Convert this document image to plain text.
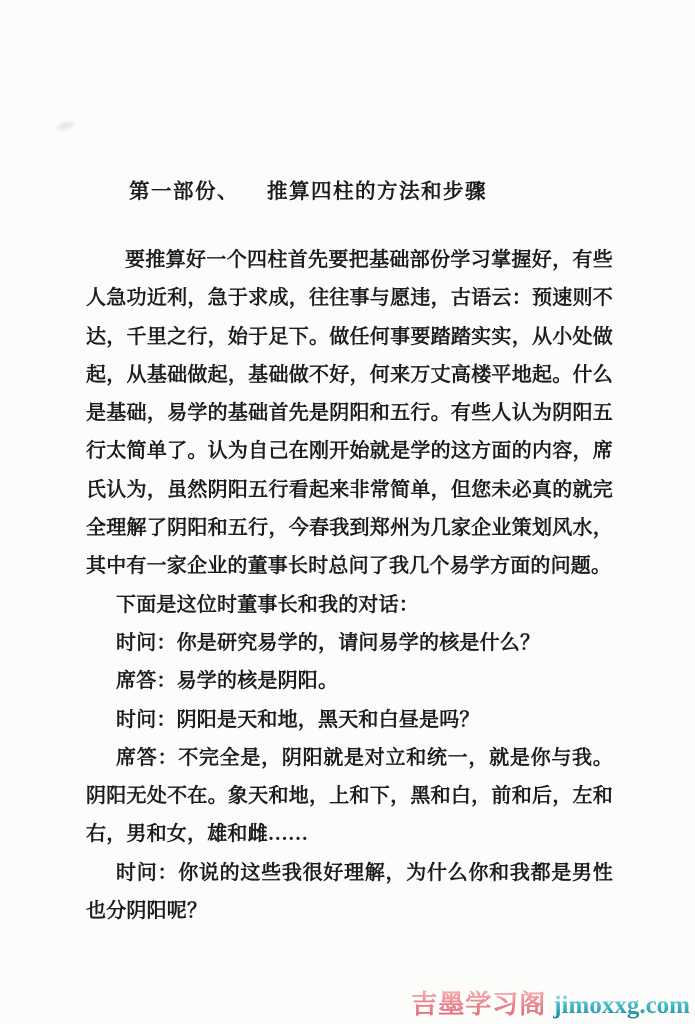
第一部份、 推算四柱的方法和步骤

要推算好一个四柱首先要把基础部份学习掌握好，有些人急功近利，急于求成，往往事与愿违，古语云：预速则不达，千里之行，始于足下。做任何事要踏踏实实，从小处做起，从基础做起，基础做不好，何来万丈高楼平地起。什么是基础，易学的基础首先是阴阳和五行。有些人认为阴阳五行太简单了。认为自己在刚开始就是学的这方面的内容，席氏认为，虽然阴阳五行看起来非常简单，但您未必真的就完全理解了阴阳和五行，今春我到郑州为几家企业策划风水，其中有一家企业的董事长时总问了我几个易学方面的问题。

下面是这位时董事长和我的对话：

时问：你是研究易学的，请问易学的核是什么？

席答：易学的核是阴阳。

时问：阴阳是天和地，黑天和白昼是吗？

席答：不完全是，阴阳就是对立和统一，就是你与我。阴阳无处不在。象天和地，上和下，黑和白，前和后，左和右，男和女，雄和雌……

时问：你说的这些我很好理解，为什么你和我都是男性也分阴阳呢？

吉墨学习阁 jimoxxg.com
